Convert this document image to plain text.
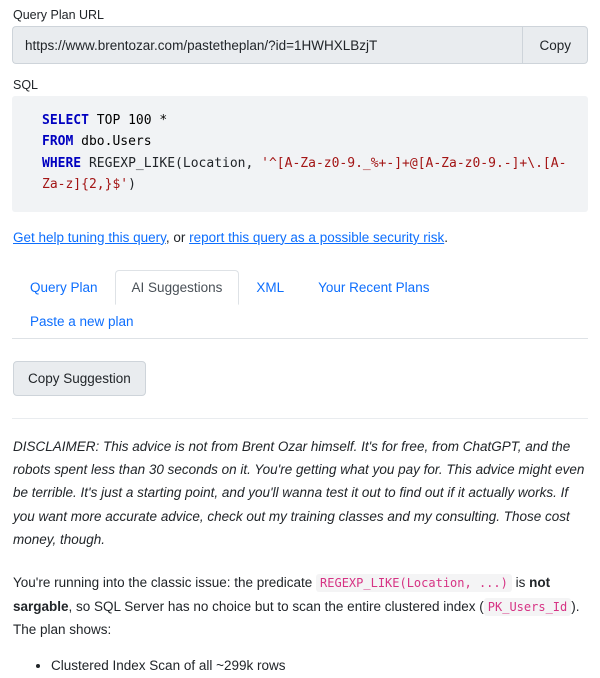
Query Plan URL
https://www.brentozar.com/pastetheplan/?id=1HWHXLBzjT
Copy
SQL
SELECT TOP 100 *
FROM dbo.Users
WHERE REGEXP_LIKE(Location, '^[A-Za-z0-9._%+-]+@[A-Za-z0-9.-]+\.[A-Za-z]{2,}$')
Get help tuning this query, or report this query as a possible security risk.
Query Plan	AI Suggestions	XML	Your Recent Plans
Paste a new plan
Copy Suggestion
DISCLAIMER: This advice is not from Brent Ozar himself. It's for free, from ChatGPT, and the robots spent less than 30 seconds on it. You're getting what you pay for. This advice might even be terrible. It's just a starting point, and you'll wanna test it out to find out if it actually works. If you want more accurate advice, check out my training classes and my consulting. Those cost money, though.
You're running into the classic issue: the predicate REGEXP_LIKE(Location, ...) is not sargable, so SQL Server has no choice but to scan the entire clustered index ( PK_Users_Id ). The plan shows:
• Clustered Index Scan of all ~299k rows
